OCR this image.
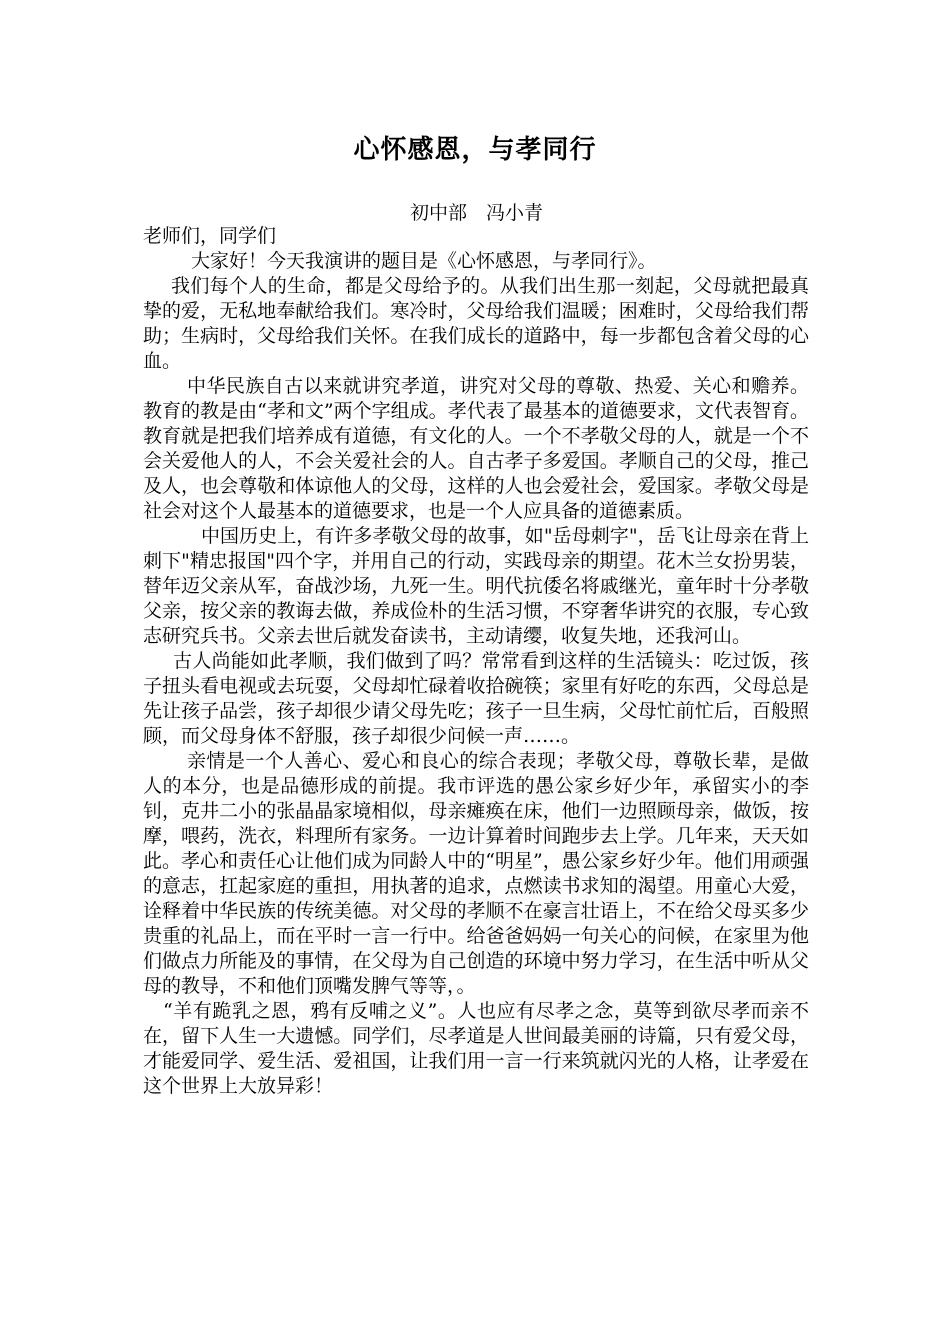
心怀感恩，与孝同行
初中部　冯小青

老师们，同学们

大家好！今天我演讲的题目是《心怀感恩，与孝同行》。

我们每个人的生命，都是父母给予的。从我们出生那一刻起，父母就把最真挚的爱，无私地奉献给我们。寒冷时，父母给我们温暖；困难时，父母给我们帮助；生病时，父母给我们关怀。在我们成长的道路中，每一步都包含着父母的心血。

中华民族自古以来就讲究孝道，讲究对父母的尊敬、热爱、关心和赡养。教育的教是由“孝和文”两个字组成。孝代表了最基本的道德要求，文代表智育。教育就是把我们培养成有道德，有文化的人。一个不孝敬父母的人，就是一个不会关爱他人的人，不会关爱社会的人。自古孝子多爱国。孝顺自己的父母，推己及人，也会尊敬和体谅他人的父母，这样的人也会爱社会，爱国家。孝敬父母是社会对这个人最基本的道德要求，也是一个人应具备的道德素质。

中国历史上，有许多孝敬父母的故事，如"岳母刺字"，岳飞让母亲在背上刺下"精忠报国"四个字，并用自己的行动，实践母亲的期望。花木兰女扮男装，替年迈父亲从军，奋战沙场，九死一生。明代抗倭名将戚继光，童年时十分孝敬父亲，按父亲的教诲去做，养成俭朴的生活习惯，不穿奢华讲究的衣服，专心致志研究兵书。父亲去世后就发奋读书，主动请缨，收复失地，还我河山。

古人尚能如此孝顺，我们做到了吗？常常看到这样的生活镜头：吃过饭，孩子扭头看电视或去玩耍，父母却忙碌着收拾碗筷；家里有好吃的东西，父母总是先让孩子品尝，孩子却很少请父母先吃；孩子一旦生病，父母忙前忙后，百般照顾，而父母身体不舒服，孩子却很少问候一声……。

亲情是一个人善心、爱心和良心的综合表现；孝敬父母，尊敬长辈，是做人的本分，也是品德形成的前提。我市评选的愚公家乡好少年，承留实小的李钊，克井二小的张晶晶家境相似，母亲瘫痪在床，他们一边照顾母亲，做饭，按摩，喂药，洗衣，料理所有家务。一边计算着时间跑步去上学。几年来，天天如此。孝心和责任心让他们成为同龄人中的“明星”，愚公家乡好少年。他们用顽强的意志，扛起家庭的重担，用执著的追求，点燃读书求知的渴望。用童心大爱，诠释着中华民族的传统美德。对父母的孝顺不在豪言壮语上，不在给父母买多少贵重的礼品上，而在平时一言一行中。给爸爸妈妈一句关心的问候，在家里为他们做点力所能及的事情，在父母为自己创造的环境中努力学习，在生活中听从父母的教导，不和他们顶嘴发脾气等等，。

“羊有跪乳之恩，鸦有反哺之义”。人也应有尽孝之念，莫等到欲尽孝而亲不在，留下人生一大遗憾。同学们，尽孝道是人世间最美丽的诗篇，只有爱父母，才能爱同学、爱生活、爱祖国，让我们用一言一行来筑就闪光的人格，让孝爱在这个世界上大放异彩！
